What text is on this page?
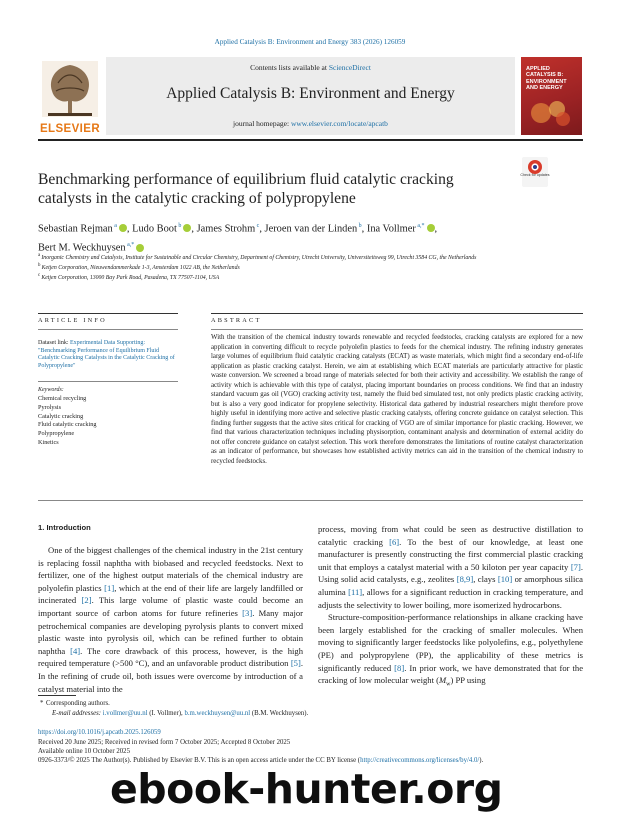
Applied Catalysis B: Environment and Energy 383 (2026) 126059
ELSEVIER
Contents lists available at ScienceDirect
Applied Catalysis B: Environment and Energy
journal homepage: www.elsevier.com/locate/apcatb
APPLIED
CATALYSIS B:
ENVIRONMENT
AND ENERGY
Benchmarking performance of equilibrium fluid catalytic cracking catalysts in the catalytic cracking of polypropylene
Check for updates
Sebastian Rejman $^a$ , Ludo Boot $^b$ , James Strohm $^c$, Jeroen van der Linden $^b$, Ina Vollmer $^{a,*}$ ,
Bert M. Weckhuysen $^{a,*}$
$^a$ Inorganic Chemistry and Catalysis, Institute for Sustainable and Circular Chemistry, Department of Chemistry, Utrecht University, Universiteitsweg 99, Utrecht 3584 CG, the Netherlands
$^b$ Ketjen Corporation, Nieuwendammerkade 1-3, Amsterdam 1022 AB, the Netherlands
$^c$ Ketjen Corporation, 13000 Bay Park Road, Pasadena, TX 77507-1104, USA
ARTICLE INFO	ABSTRACT
Dataset link: Experimental Data Supporting: "Benchmarking Performance of Equilibrium Fluid Catalytic Cracking Catalysts in the Catalytic Cracking of Polypropylene"
Keywords:
Chemical recycling
Pyrolysis
Catalytic cracking
Fluid catalytic cracking
Polypropylene
Kinetics
With the transition of the chemical industry towards renewable and recycled feedstocks, cracking catalysts are explored for a new application in converting difficult to recycle polyolefin plastics to feeds for the chemical industry. The refining industry generates large volumes of equilibrium fluid catalytic cracking catalysts (ECAT) as waste materials, which might find a secondary end-of-life application as plastic cracking catalyst. Herein, we aim at establishing which ECAT materials are particularly attractive for plastic waste conversion. We screened a broad range of materials selected for both their activity and accessibility. We establish the range of activity which is achievable with this type of catalyst, placing important boundaries on process conditions. We find that an industry standard vacuum gas oil (VGO) cracking activity test, namely the fluid bed simulated test, not only predicts plastic cracking activity, but is also a very good indicator for propylene selectivity. Historical data gathered by industrial researchers might therefore prove highly useful in identifying more active and selective plastic cracking catalysts, offering concrete guidance on catalyst selection. This finding further suggests that the active sites critical for cracking of VGO are of similar importance for plastic cracking. However, we find that various characterization techniques including physisorption, contaminant analysis and determination of external acidity do not offer concrete guidance on catalyst selection. This work therefore demonstrates the limitations of routine catalyst characterization as an indicator of performance, but showcases how established activity metrics can aid in the transition of the chemical industry to recycled feedstocks.
1. Introduction

One of the biggest challenges of the chemical industry in the 21st century is replacing fossil naphtha with biobased and recycled feedstocks. Next to fertilizer, one of the highest output materials of the chemical industry are polyolefin plastics [1], which at the end of their life are largely landfilled or incinerated [2]. This large volume of plastic waste could become an important source of carbon atoms for future refineries [3]. Many major petrochemical companies are developing pyrolysis plants to convert mixed plastic waste into pyrolysis oil, which can be refined further to obtain naphtha [4]. The core drawback of this process, however, is the high required temperature (>500 °C), and an unfavorable product distribution [5]. In the refining of crude oil, both issues were overcome by introduction of a catalyst material into the

process, moving from what could be seen as destructive distillation to catalytic cracking [6]. To the best of our knowledge, at least one manufacturer is presently constructing the first commercial plastic cracking unit that employs a catalyst material with a 50 kiloton per year capacity [7]. Using solid acid catalysts, e.g., zeolites [8,9], clays [10] or amorphous silica alumina [11], allows for a significant reduction in cracking temperature, and adjusts the selectivity to lower boiling, more isomerized hydrocarbons.

Structure-composition-performance relationships in alkane cracking have been largely established for the cracking of smaller molecules. When moving to significantly larger feedstocks like polyolefins, e.g., polyethylene (PE) and polypropylene (PP), the applicability of these metrics is significantly reduced [8]. In prior work, we have demonstrated that for the cracking of low molecular weight $(M_w)$ PP using

* Corresponding authors.
E-mail addresses: i.vollmer@uu.nl (I. Vollmer), b.m.weckhuysen@uu.nl (B.M. Weckhuysen).
https://doi.org/10.1016/j.apcatb.2025.126059
Received 20 June 2025; Received in revised form 7 October 2025; Accepted 8 October 2025
Available online 10 October 2025
0926-3373/© 2025 The Author(s). Published by Elsevier B.V. This is an open access article under the CC BY license (http://creativecommons.org/licenses/by/4.0/).
ebook-hunter.org
